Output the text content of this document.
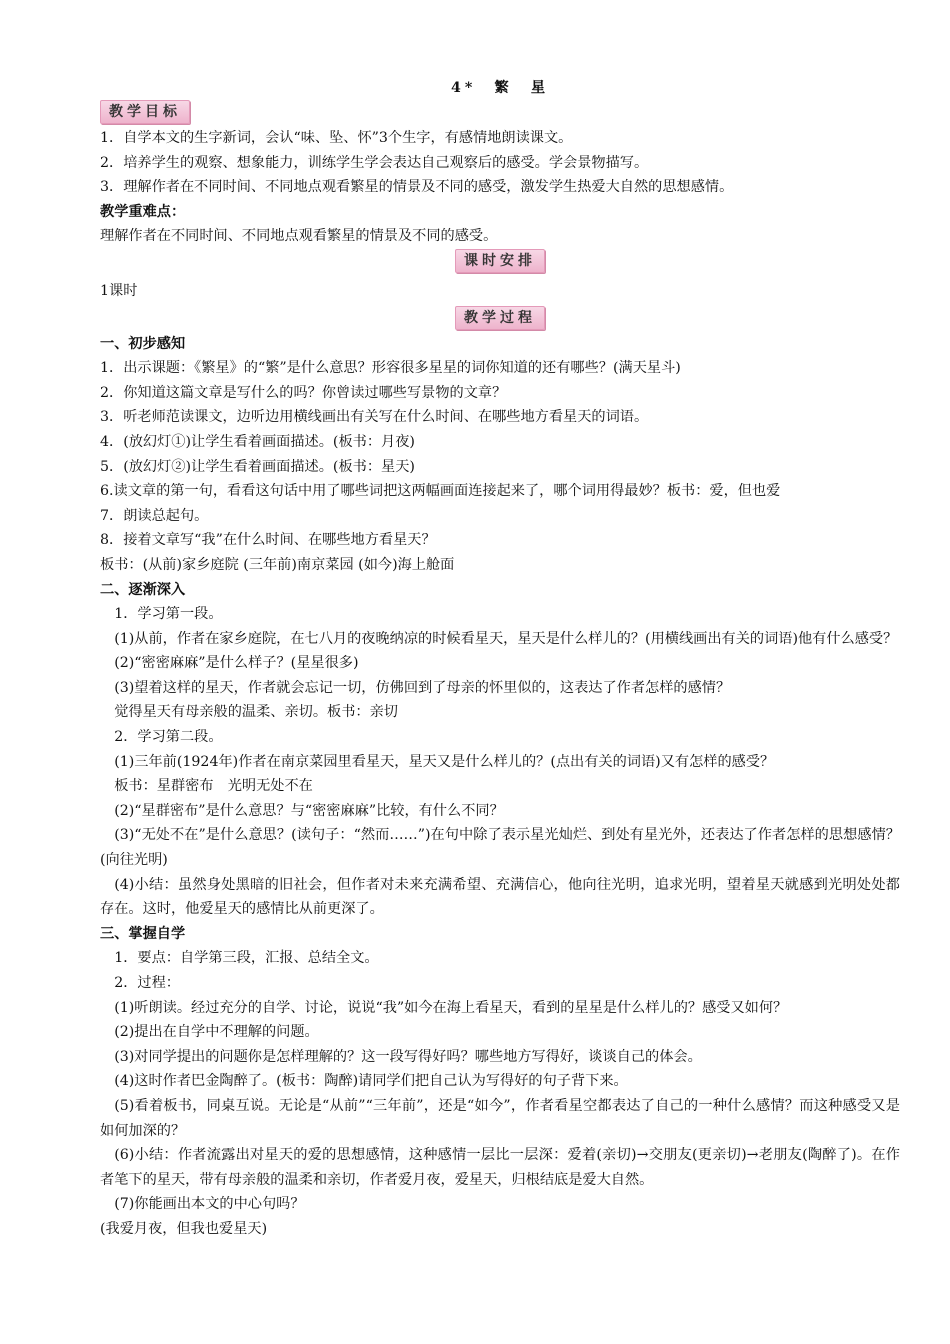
4*　繁　星
教学目标

1．自学本文的生字新词，会认“味、坠、怀”3个生字，有感情地朗读课文。

2．培养学生的观察、想象能力，训练学生学会表达自己观察后的感受。学会景物描写。

3．理解作者在不同时间、不同地点观看繁星的情景及不同的感受，激发学生热爱大自然的思想感情。

教学重难点：

理解作者在不同时间、不同地点观看繁星的情景及不同的感受。

课时安排

1课时

教学过程

一、初步感知

1．出示课题：《繁星》的“繁”是什么意思？形容很多星星的词你知道的还有哪些？(满天星斗)

2．你知道这篇文章是写什么的吗？你曾读过哪些写景物的文章？

3．听老师范读课文，边听边用横线画出有关写在什么时间、在哪些地方看星天的词语。

4．(放幻灯①)让学生看着画面描述。(板书：月夜)

5．(放幻灯②)让学生看着画面描述。(板书：星天)

6.读文章的第一句，看看这句话中用了哪些词把这两幅画面连接起来了，哪个词用得最妙？板书：爱，但也爱

7．朗读总起句。

8．接着文章写“我”在什么时间、在哪些地方看星天？

板书：(从前)家乡庭院 (三年前)南京菜园 (如今)海上舱面

二、逐渐深入

1．学习第一段。

(1)从前，作者在家乡庭院，在七八月的夜晚纳凉的时候看星天，星天是什么样儿的？(用横线画出有关的词语)他有什么感受？

(2)“密密麻麻”是什么样子？(星星很多)

(3)望着这样的星天，作者就会忘记一切，仿佛回到了母亲的怀里似的，这表达了作者怎样的感情？

觉得星天有母亲般的温柔、亲切。板书：亲切

2．学习第二段。

(1)三年前(1924年)作者在南京菜园里看星天，星天又是什么样儿的？(点出有关的词语)又有怎样的感受？

板书：星群密布　光明无处不在

(2)“星群密布”是什么意思？与“密密麻麻”比较，有什么不同？

(3)“无处不在”是什么意思？(读句子：“然而……”)在句中除了表示星光灿烂、到处有星光外，还表达了作者怎样的思想感情？(向往光明)

(4)小结：虽然身处黑暗的旧社会，但作者对未来充满希望、充满信心，他向往光明，追求光明，望着星天就感到光明处处都存在。这时，他爱星天的感情比从前更深了。

三、掌握自学

1．要点：自学第三段，汇报、总结全文。

2．过程：

(1)听朗读。经过充分的自学、讨论，说说“我”如今在海上看星天，看到的星星是什么样儿的？感受又如何？

(2)提出在自学中不理解的问题。

(3)对同学提出的问题你是怎样理解的？这一段写得好吗？哪些地方写得好，谈谈自己的体会。

(4)这时作者巴金陶醉了。(板书：陶醉)请同学们把自己认为写得好的句子背下来。

(5)看着板书，同桌互说。无论是“从前”“三年前”，还是“如今”，作者看星空都表达了自己的一种什么感情？而这种感受又是如何加深的？

(6)小结：作者流露出对星天的爱的思想感情，这种感情一层比一层深：爱着(亲切)→交朋友(更亲切)→老朋友(陶醉了)。在作者笔下的星天，带有母亲般的温柔和亲切，作者爱月夜，爱星天，归根结底是爱大自然。

(7)你能画出本文的中心句吗？

(我爱月夜，但我也爱星天)
